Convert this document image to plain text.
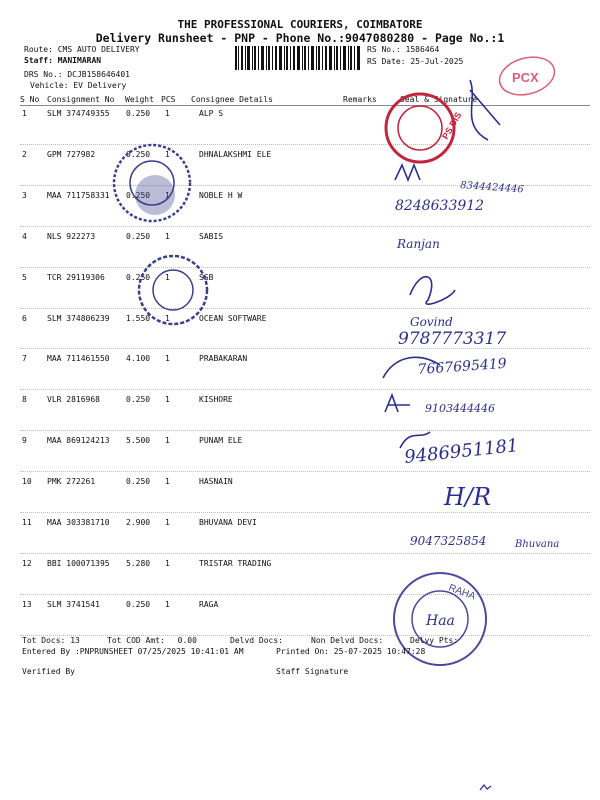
THE PROFESSIONAL COURIERS, COIMBATORE
Delivery Runsheet - PNP - Phone No.:9047080280 - Page No.:1
Route: CMS AUTO DELIVERY
Staff: MANIMARAN
DRS No.: DCJB158646401
Vehicle: EV Delivery
RS No.: 1586464
RS Date: 25-Jul-2025
S No Consignment No Weight PCS Consignee Details	Remarks	Seal & Signature
1	SLM 374749355 0.250 1	ALP S
2	GPM 727982	0.250 1	DHNALAKSHMI ELE
3	MAA 711758331 0.250 1	NOBLE H W
4	NLS 922273	0.250 1	SABIS
5	TCR 29119306	0.250 1	SSB
6	SLM 374806239 1.550 1	OCEAN SOFTWARE
7	MAA 711461550 4.100 1	PRABAKARAN
8	VLR 2816968	0.250 1	KISHORE
9	MAA 869124213 5.500 1	PUNAM ELE
10 PMK 272261	0.250 1	HASNAIN
11 MAA 303381710 2.900 1	BHUVANA DEVI
12 BBI 100071395 5.280 1	TRISTAR TRADING
13 SLM 3741541	0.250 1	RAGA
PCX
PS DIS
RAHA
Haa
8344424446
8248633912
Ranjan
Govind
9787773317
7667695419
9103444446
9486951181
H/R
9047325854	Bhuvana
Tot Docs: 13	Tot COD Amt: 0.00	Delvd Docs:	Non Delvd Docs:	Delvy Pts:
Entered By :PNPRUNSHEET 07/25/2025 10:41:01 AM	Printed On: 25-07-2025 10:47:28
Verified By	Staff Signature
